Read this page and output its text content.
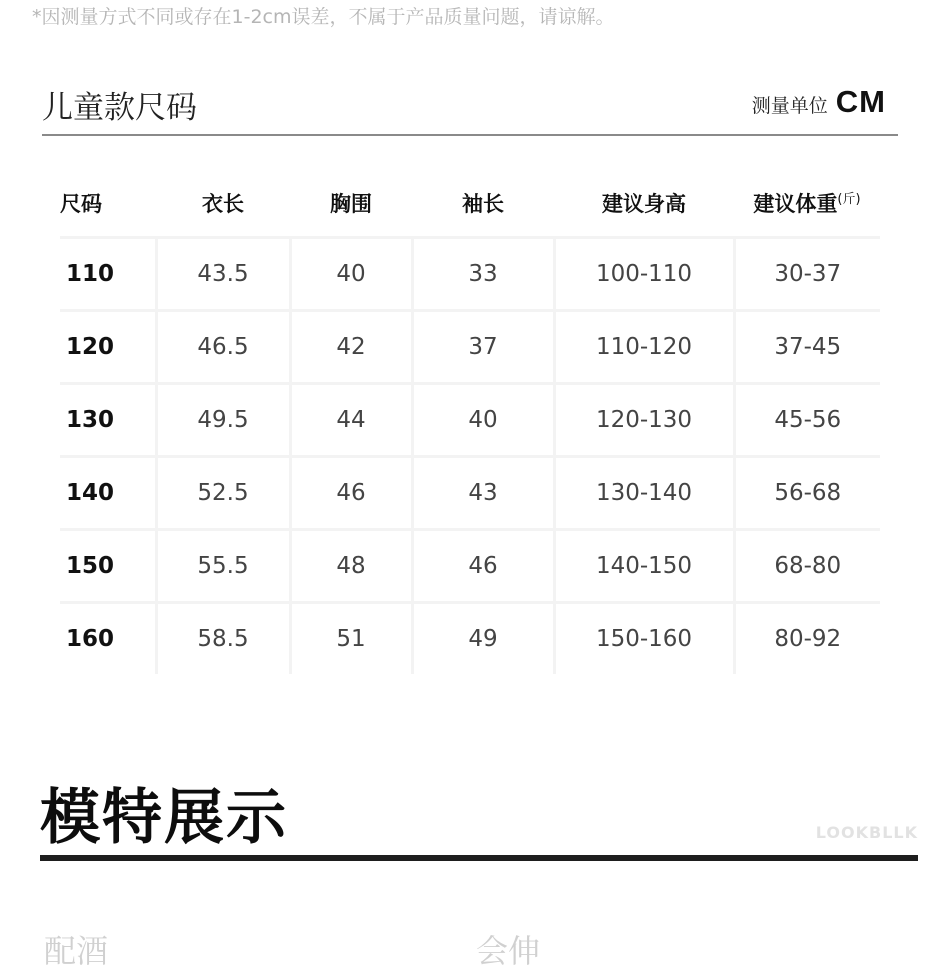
*因测量方式不同或存在1-2cm误差，不属于产品质量问题，请谅解。
儿童款尺码	测量单位 CM
尺码	衣长	胸围	袖长	建议身高	建议体重$^{(斤)}$
110	43.5	40	33	100-110	30-37
120	46.5	42	37	110-120	37-45
130	49.5	44	40	120-130	45-56
140	52.5	46	43	130-140	56-68
150	55.5	48	46	140-150	68-80
160	58.5	51	49	150-160	80-92
模特展示	LOOKBLLK
配酒	会伸
